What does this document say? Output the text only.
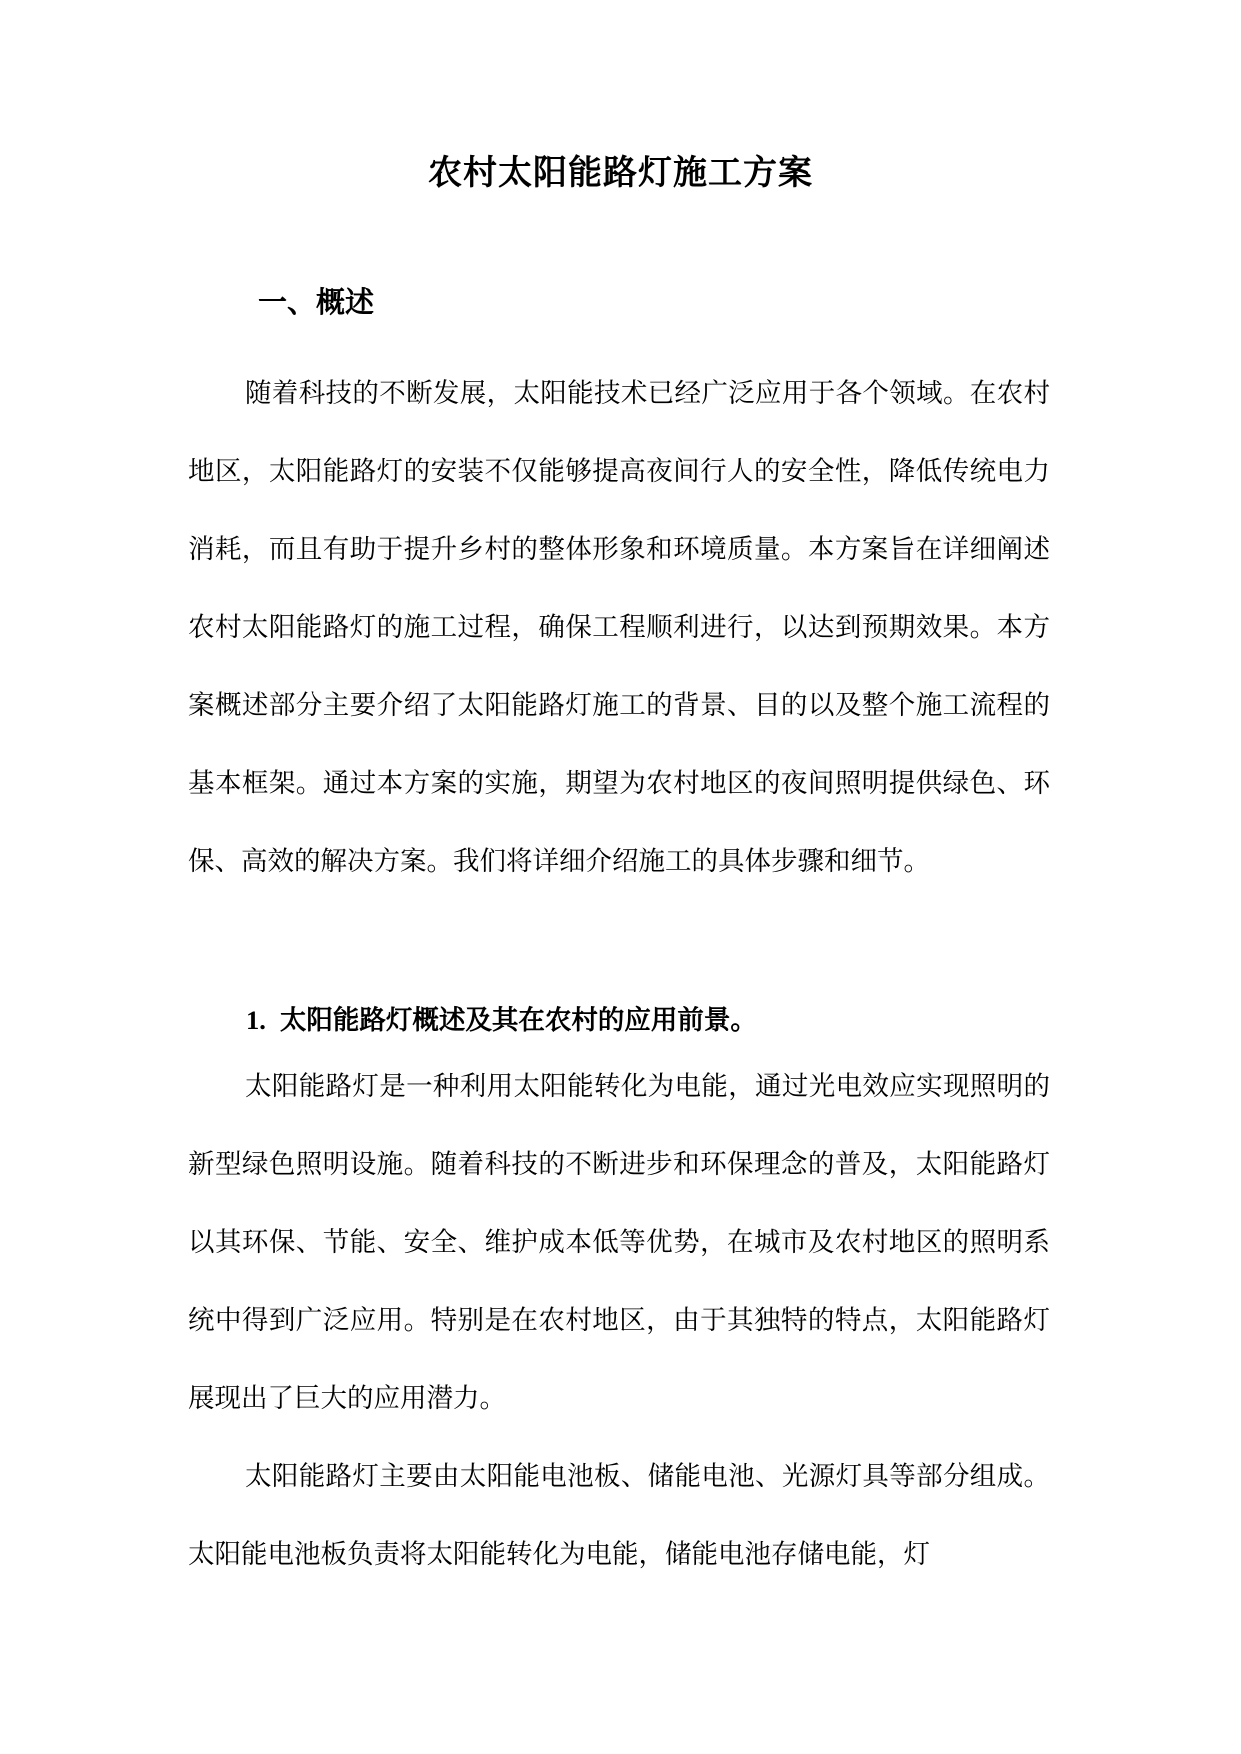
农村太阳能路灯施工方案
一、概述

随着科技的不断发展，太阳能技术已经广泛应用于各个领域。在农村地区，太阳能路灯的安装不仅能够提高夜间行人的安全性，降低传统电力消耗，而且有助于提升乡村的整体形象和环境质量。本方案旨在详细阐述农村太阳能路灯的施工过程，确保工程顺利进行，以达到预期效果。本方案概述部分主要介绍了太阳能路灯施工的背景、目的以及整个施工流程的基本框架。通过本方案的实施，期望为农村地区的夜间照明提供绿色、环保、高效的解决方案。我们将详细介绍施工的具体步骤和细节。

1. 太阳能路灯概述及其在农村的应用前景。

太阳能路灯是一种利用太阳能转化为电能，通过光电效应实现照明的新型绿色照明设施。随着科技的不断进步和环保理念的普及，太阳能路灯以其环保、节能、安全、维护成本低等优势，在城市及农村地区的照明系统中得到广泛应用。特别是在农村地区，由于其独特的特点，太阳能路灯展现出了巨大的应用潜力。

太阳能路灯主要由太阳能电池板、储能电池、光源灯具等部分组成。太阳能电池板负责将太阳能转化为电能，储能电池存储电能，灯
